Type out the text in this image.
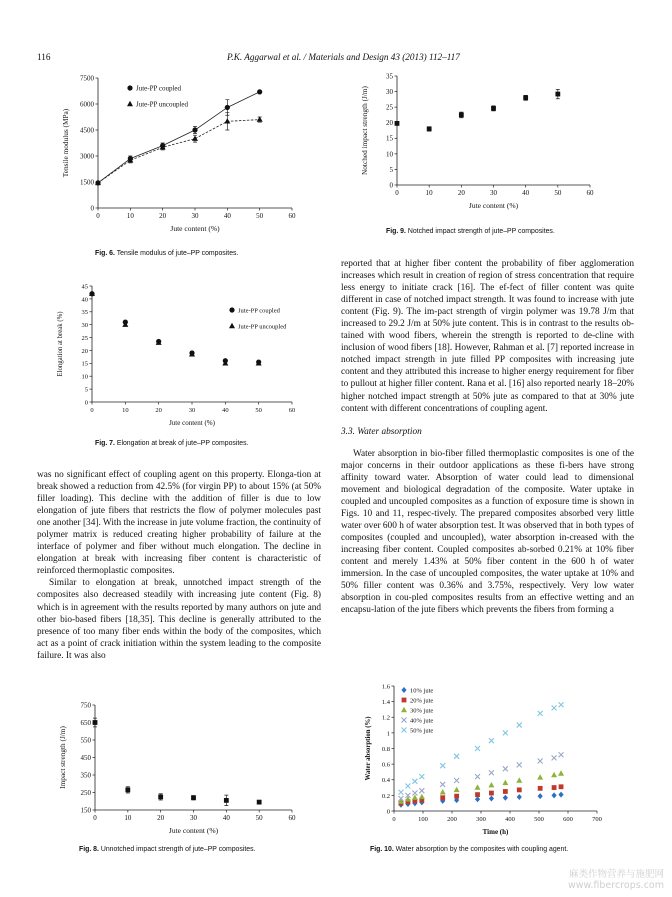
116	P.K. Aggarwal et al. / Materials and Design 43 (2013) 112–117
0	10	20	30	40	50	60
0
1500
3000
4500
6000
7500
Jute content (%)
Tensile modulus (MPa)
Jute-PP coupled
Jute-PP uncoupled
0	10	20	30	40	50	60
0
5
10
15
20
25
30
35
40
45
Jute content (%)
Elongation at break (%)
Jute-PP coupled
Jute-PP uncoupled
0	10	20	30	40	50	60
150
250
350
450
550
650
750
Jute content (%)
Impact strength (J/m)
0	10	20	30	40	50	60
0
5
10
15
20
25
30
35
Jute content (%)
Notched impact strength (J/m)
0	100	200	300	400	500	600	700
0
0.2
0.4
0.6
0.8
1
1.2
1.4
1.6
Time (h)
Water absorption (%)
10% jute
20% jute
30% jute
40% jute
50% jute
Fig. 6. Tensile modulus of jute–PP composites.
Fig. 7. Elongation at break of jute–PP composites.
Fig. 8. Unnotched impact strength of jute–PP composites.
Fig. 9. Notched impact strength of jute–PP composites.
Fig. 10. Water absorption by the composites with coupling agent.

was no significant effect of coupling agent on this property. Elonga-tion at break showed a reduction from 42.5% (for virgin PP) to about 15% (at 50% filler loading). This decline with the addition of filler is due to low elongation of jute fibers that restricts the flow of polymer molecules past one another [34]. With the increase in jute volume fraction, the continuity of polymer matrix is reduced creating higher probability of failure at the interface of polymer and fiber without much elongation. The decline in elongation at break with increasing fiber content is characteristic of reinforced thermoplastic composites.

Similar to elongation at break, unnotched impact strength of the composites also decreased steadily with increasing jute content (Fig. 8) which is in agreement with the results reported by many authors on jute and other bio-based fibers [18,35]. This decline is generally attributed to the presence of too many fiber ends within the body of the composites, which act as a point of crack initiation within the system leading to the composite failure. It was also

reported that at higher fiber content the probability of fiber agglomeration increases which result in creation of region of stress concentration that require less energy to initiate crack [16]. The ef-fect of filler content was quite different in case of notched impact strength. It was found to increase with jute content (Fig. 9). The im-pact strength of virgin polymer was 19.78 J/m that increased to 29.2 J/m at 50% jute content. This is in contrast to the results ob-tained with wood fibers, wherein the strength is reported to de-cline with inclusion of wood fibers [18]. However, Rahman et al. [7] reported increase in notched impact strength in jute filled PP composites with increasing jute content and they attributed this increase to higher energy requirement for fiber to pullout at higher filler content. Rana et al. [16] also reported nearly 18–20% higher notched impact strength at 50% jute as compared to that at 30% jute content with different concentrations of coupling agent.

3.3. Water absorption

Water absorption in bio-fiber filled thermoplastic composites is one of the major concerns in their outdoor applications as these fi-bers have strong affinity toward water. Absorption of water could lead to dimensional movement and biological degradation of the composite. Water uptake in coupled and uncoupled composites as a function of exposure time is shown in Figs. 10 and 11, respec-tively. The prepared composites absorbed very little water over 600 h of water absorption test. It was observed that in both types of composites (coupled and uncoupled), water absorption in-creased with the increasing fiber content. Coupled composites ab-sorbed 0.21% at 10% fiber content and merely 1.43% at 50% fiber content in the 600 h of water immersion. In the case of uncoupled composites, the water uptake at 10% and 50% filler content was 0.36% and 3.75%, respectively. Very low water absorption in cou-pled composites results from an effective wetting and an encapsu-lation of the jute fibers which prevents the fibers from forming a

麻类作物营养与施肥网
www.fibercrops.com
